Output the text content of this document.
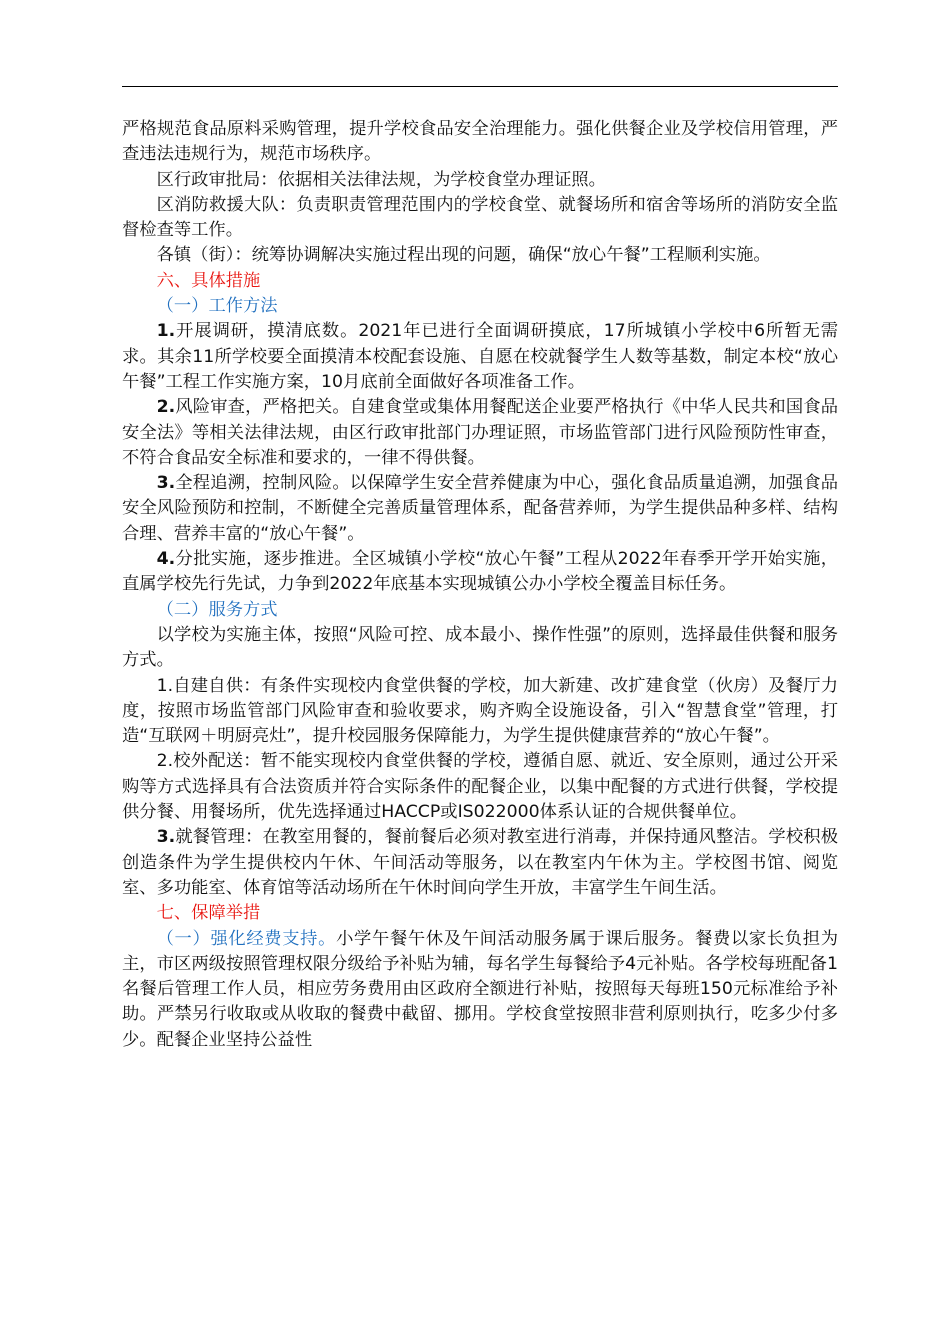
严格规范食品原料采购管理，提升学校食品安全治理能力。强化供餐企业及学校信用管理，严查违法违规行为，规范市场秩序。

区行政审批局：依据相关法律法规，为学校食堂办理证照。

区消防救援大队：负责职责管理范围内的学校食堂、就餐场所和宿舍等场所的消防安全监督检查等工作。

各镇（街）：统筹协调解决实施过程出现的问题，确保“放心午餐”工程顺利实施。

六、具体措施

（一）工作方法

1.开展调研，摸清底数。2021年已进行全面调研摸底，17所城镇小学校中6所暂无需求。其余11所学校要全面摸清本校配套设施、自愿在校就餐学生人数等基数，制定本校“放心午餐”工程工作实施方案，10月底前全面做好各项准备工作。

2.风险审查，严格把关。自建食堂或集体用餐配送企业要严格执行《中华人民共和国食品安全法》等相关法律法规，由区行政审批部门办理证照，市场监管部门进行风险预防性审查，不符合食品安全标准和要求的，一律不得供餐。

3.全程追溯，控制风险。以保障学生安全营养健康为中心，强化食品质量追溯，加强食品安全风险预防和控制，不断健全完善质量管理体系，配备营养师，为学生提供品种多样、结构合理、营养丰富的“放心午餐”。

4.分批实施，逐步推进。全区城镇小学校“放心午餐”工程从2022年春季开学开始实施，直属学校先行先试，力争到2022年底基本实现城镇公办小学校全覆盖目标任务。

（二）服务方式

以学校为实施主体，按照“风险可控、成本最小、操作性强”的原则，选择最佳供餐和服务方式。

1.自建自供：有条件实现校内食堂供餐的学校，加大新建、改扩建食堂（伙房）及餐厅力度，按照市场监管部门风险审查和验收要求，购齐购全设施设备，引入“智慧食堂”管理，打造“互联网＋明厨亮灶”，提升校园服务保障能力，为学生提供健康营养的“放心午餐”。

2.校外配送：暂不能实现校内食堂供餐的学校，遵循自愿、就近、安全原则，通过公开采购等方式选择具有合法资质并符合实际条件的配餐企业，以集中配餐的方式进行供餐，学校提供分餐、用餐场所，优先选择通过HACCP或IS022000体系认证的合规供餐单位。

3.就餐管理：在教室用餐的，餐前餐后必须对教室进行消毒，并保持通风整洁。学校积极创造条件为学生提供校内午休、午间活动等服务，以在教室内午休为主。学校图书馆、阅览室、多功能室、体育馆等活动场所在午休时间向学生开放，丰富学生午间生活。

七、保障举措

（一）强化经费支持。小学午餐午休及午间活动服务属于课后服务。餐费以家长负担为主，市区两级按照管理权限分级给予补贴为辅，每名学生每餐给予4元补贴。各学校每班配备1名餐后管理工作人员，相应劳务费用由区政府全额进行补贴，按照每天每班150元标准给予补助。严禁另行收取或从收取的餐费中截留、挪用。学校食堂按照非营利原则执行，吃多少付多少。配餐企业坚持公益性
